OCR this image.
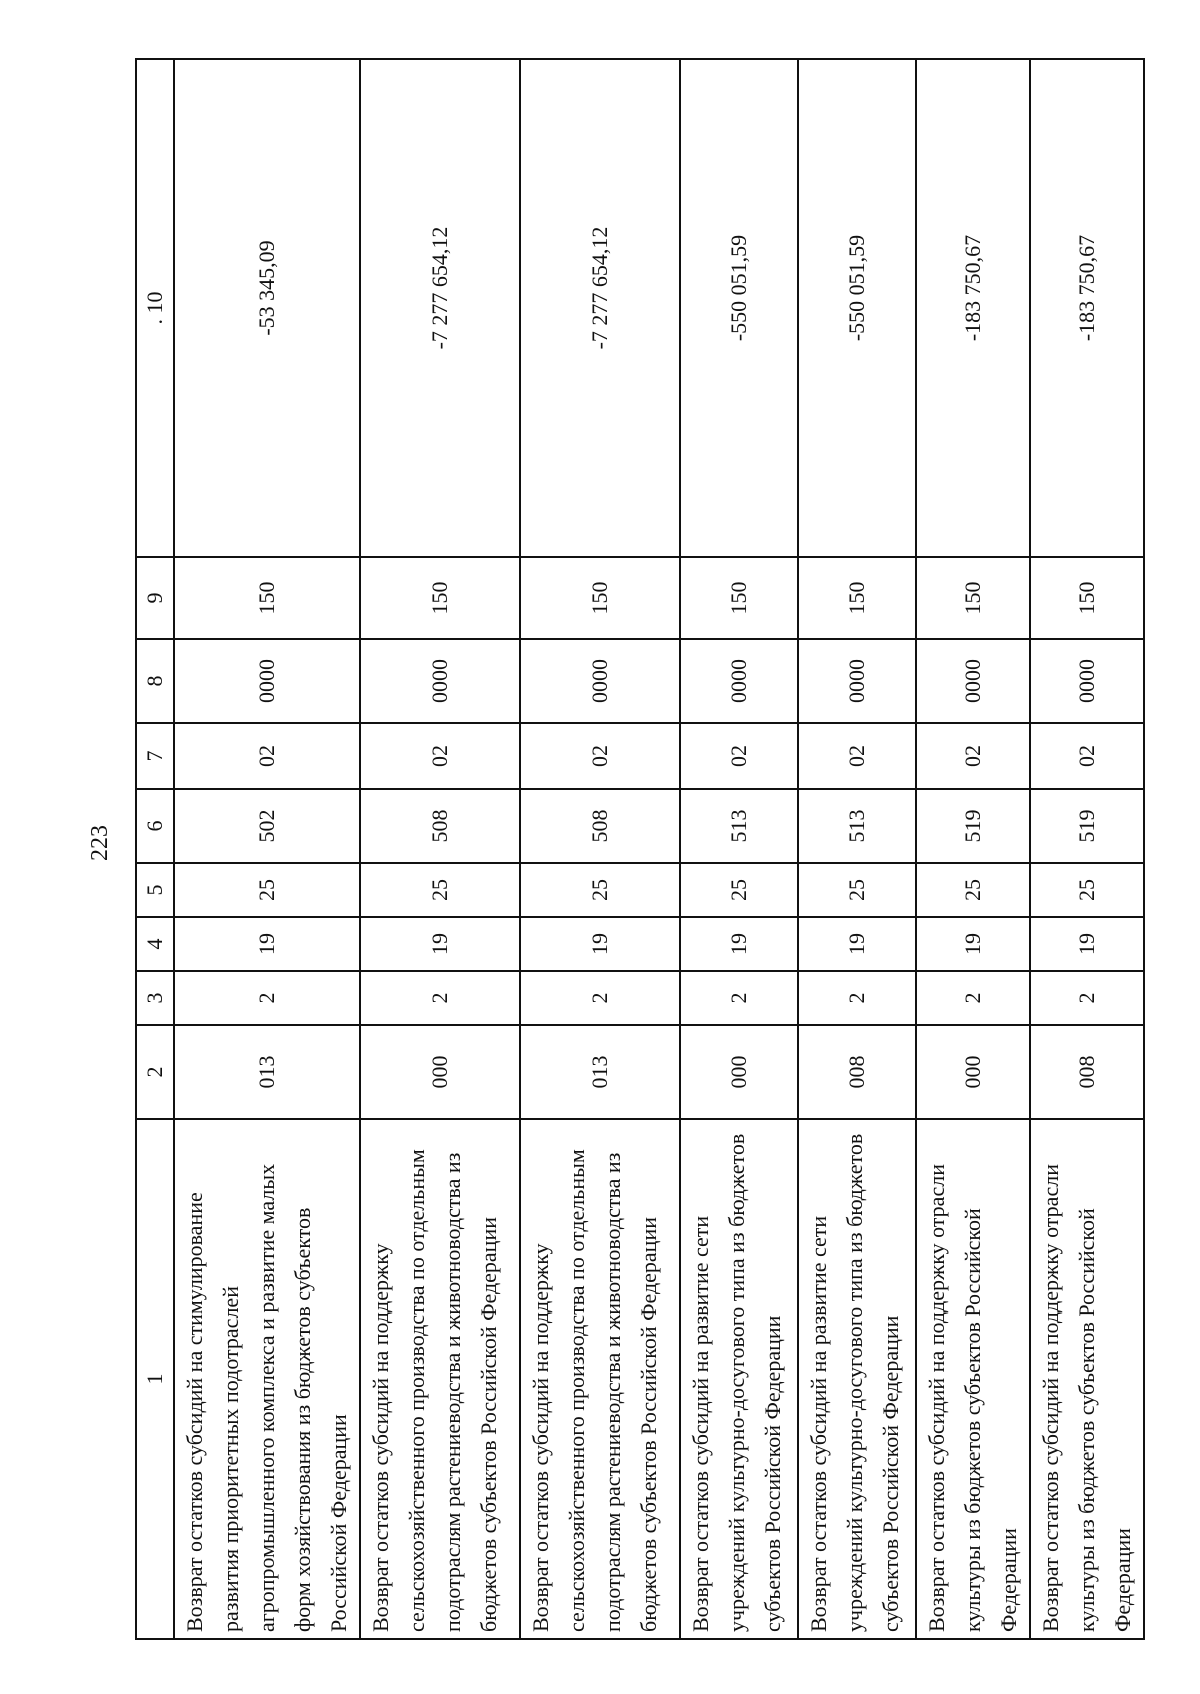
223
1	2	3	4	5	6	7	8	9	. 10
Возврат остатков субсидий на стимулирование развития приоритетных подотраслей агропромышленного комплекса и развитие малых форм хозяйствования из бюджетов субъектов Российской Федерации	013	2	19	25	502	02	0000	150	-53 345,09
Возврат остатков субсидий на поддержку сельскохозяйственного производства по отдельным подотраслям растениеводства и животноводства из бюджетов субъектов Российской Федерации	000	2	19	25	508	02	0000	150	-7 277 654,12
Возврат остатков субсидий на поддержку сельскохозяйственного производства по отдельным подотраслям растениеводства и животноводства из бюджетов субъектов Российской Федерации	013	2	19	25	508	02	0000	150	-7 277 654,12
Возврат остатков субсидий на развитие сети учреждений культурно-досугового типа из бюджетов субъектов Российской Федерации	000	2	19	25	513	02	0000	150	-550 051,59
Возврат остатков субсидий на развитие сети учреждений культурно-досугового типа из бюджетов субъектов Российской Федерации	008	2	19	25	513	02	0000	150	-550 051,59
Возврат остатков субсидий на поддержку отрасли культуры из бюджетов субъектов Российской Федерации	000	2	19	25	519	02	0000	150	-183 750,67
Возврат остатков субсидий на поддержку отрасли культуры из бюджетов субъектов Российской Федерации	008	2	19	25	519	02	0000	150	-183 750,67
